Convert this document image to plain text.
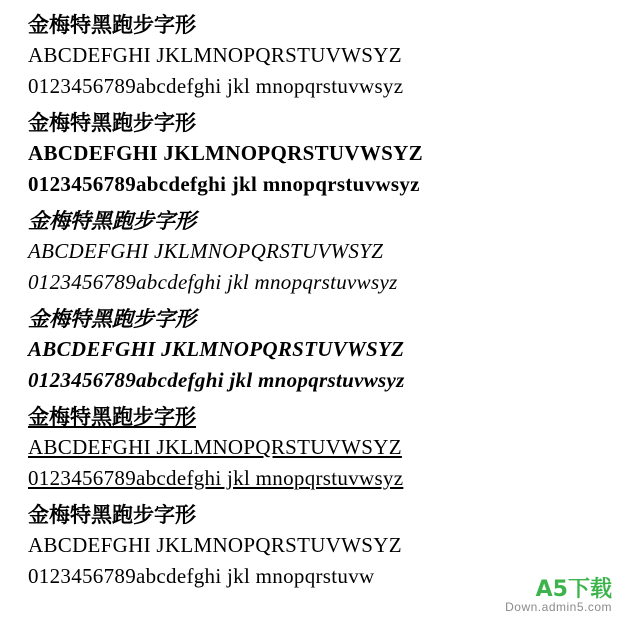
金梅特黑跑步字形
ABCDEFGHI JKLMNOPQRSTUVWSYZ
0123456789abcdefghi jkl mnopqrstuvwsyz
金梅特黑跑步字形
ABCDEFGHI JKLMNOPQRSTUVWSYZ
0123456789abcdefghi jkl mnopqrstuvwsyz
金梅特黑跑步字形
ABCDEFGHI JKLMNOPQRSTUVWSYZ
0123456789abcdefghi jkl mnopqrstuvwsyz
金梅特黑跑步字形
ABCDEFGHI JKLMNOPQRSTUVWSYZ
0123456789abcdefghi jkl mnopqrstuvwsyz
金梅特黑跑步字形
ABCDEFGHI JKLMNOPQRSTUVWSYZ
0123456789abcdefghi jkl mnopqrstuvwsyz
金梅特黑跑步字形
ABCDEFGHI JKLMNOPQRSTUVWSYZ
0123456789abcdefghi jkl mnopqrstuvw
A5下载
Down.admin5.com
